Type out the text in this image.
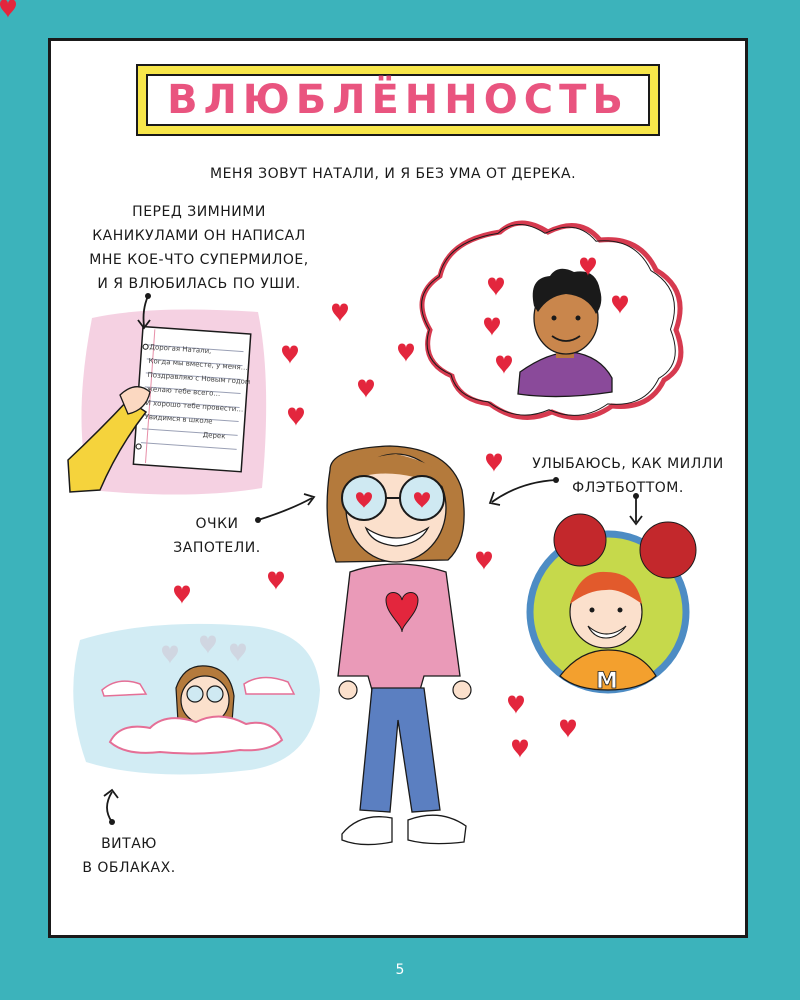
M
ВЛЮБЛЁННОСТЬ
МЕНЯ ЗОВУТ НАТАЛИ, И Я БЕЗ УМА ОТ ДЕРЕКА.
ПЕРЕД ЗИМНИМИ
КАНИКУЛАМИ ОН НАПИСАЛ
МНЕ КОЕ-ЧТО СУПЕРМИЛОЕ,
И Я ВЛЮБИЛАСЬ ПО УШИ.
Дорогая Натали,
Когда мы вместе, у меня…
Поздравляю с Новым годом
желаю тебе всего…
И хорошо тебе провести…
Увидимся в школе
Дерек
УЛЫБАЮСЬ, КАК МИЛЛИ
ФЛЭТБОТТОМ.
ОЧКИ
ЗАПОТЕЛИ.
ВИТАЮ
В ОБЛАКАХ.
5
